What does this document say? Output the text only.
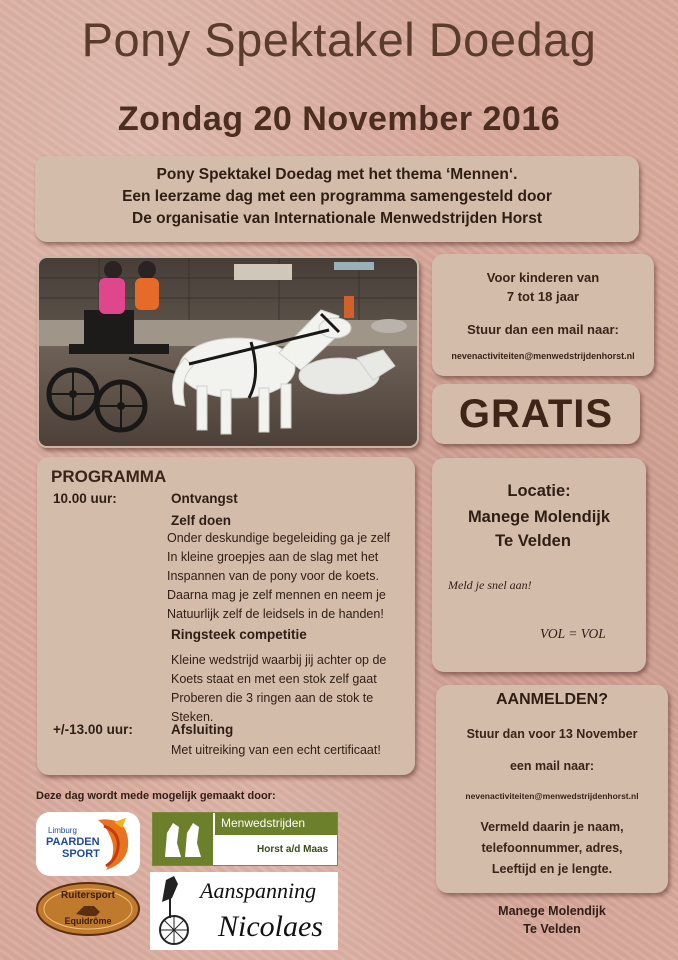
Pony Spektakel Doedag
Zondag 20 November 2016

Pony Spektakel Doedag met het thema ‘Mennen‘.

Een leerzame dag met een programma samengesteld door

De organisatie van Internationale Menwedstrijden Horst

Voor kinderen van
7 tot 18 jaar
Stuur dan een mail naar:
nevenactiviteiten@menwedstrijdenhorst.nl
GRATIS
PROGRAMMA
10.00 uur:	Ontvangst
Zelf doen
Onder deskundige begeleiding ga je zelf
In kleine groepjes aan de slag met het
Inspannen van de pony voor de koets.
Daarna mag je zelf mennen en neem je
Natuurlijk zelf de leidsels in de handen!
Ringsteek competitie
Kleine wedstrijd waarbij jij achter op de
Koets staat en met een stok zelf gaat
Proberen die 3 ringen aan de stok te
Steken.
+/-13.00 uur:	Afsluiting
Met uitreiking van een echt certificaat!
Locatie:
Manege Molendijk
Te Velden
Meld je snel aan!
VOL = VOL
AANMELDEN?
Stuur dan voor 13 November
een mail naar:
nevenactiviteiten@menwedstrijdenhorst.nl
Vermeld daarin je naam,
telefoonnummer, adres,
Leeftijd en je lengte.
Deze dag wordt mede mogelijk gemaakt door:
Limburg
PAARDEN
SPORT
Menwedstrijden
Horst a/d Maas
Ruitersport
Equidrôme
Aanspanning
Nicolaes	Manege Molendijk
Te Velden
